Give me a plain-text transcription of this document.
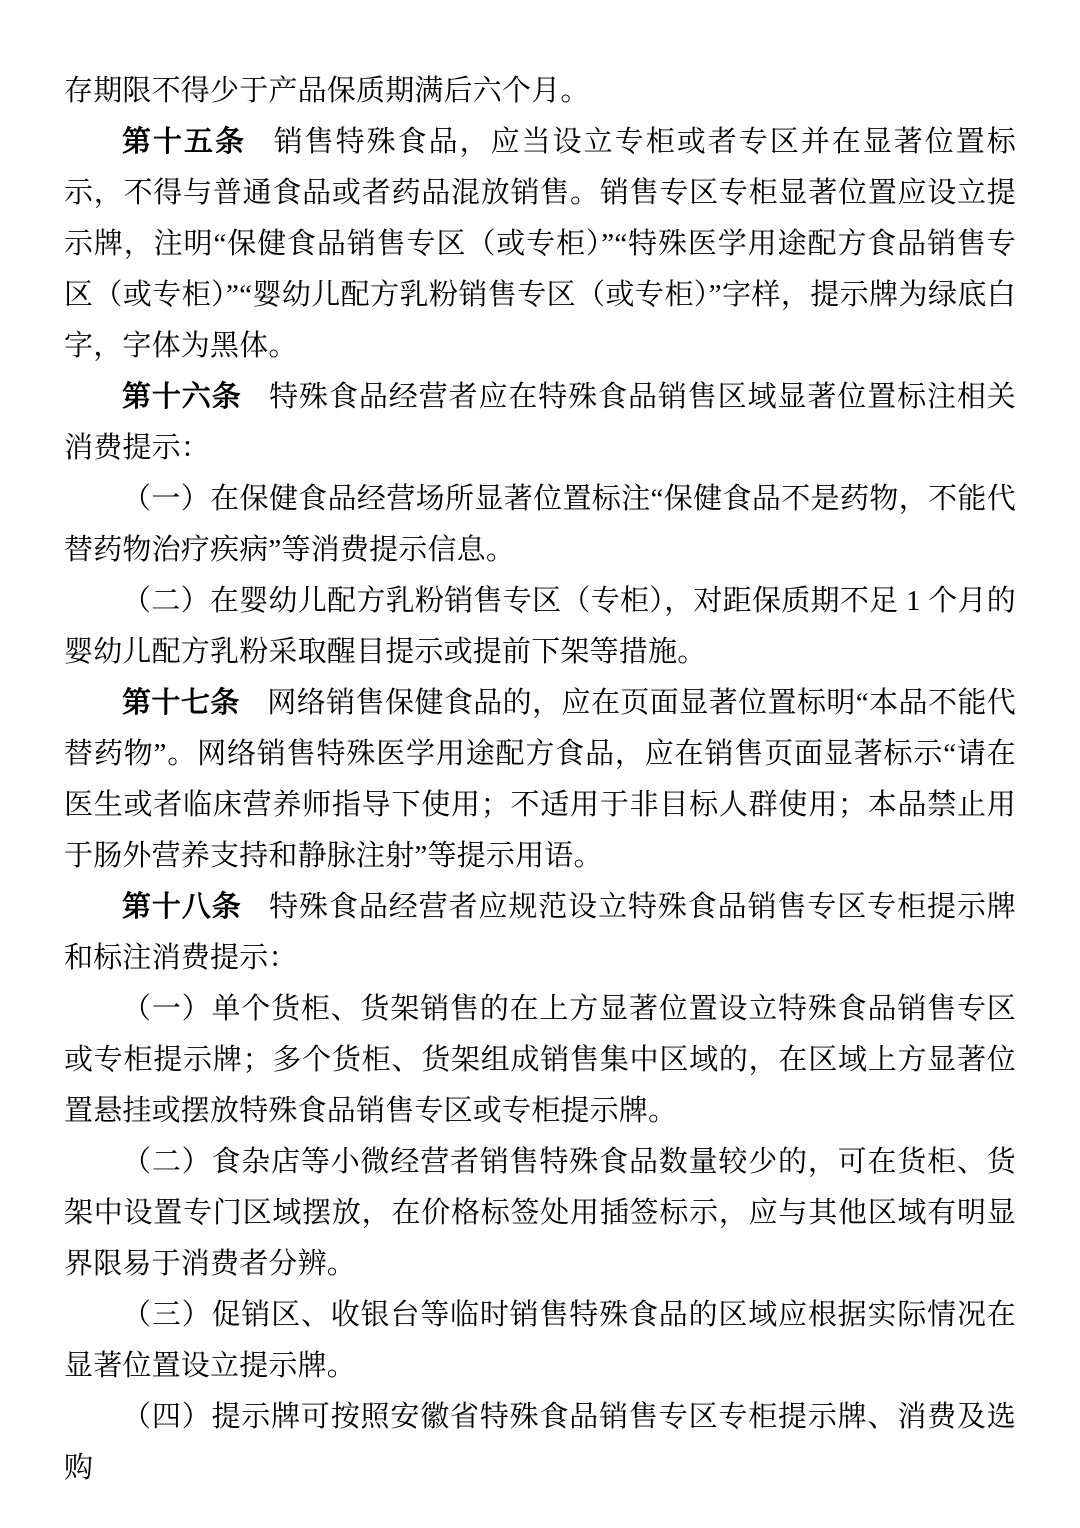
存期限不得少于产品保质期满后六个月。

第十五条 销售特殊食品，应当设立专柜或者专区并在显著位置标示，不得与普通食品或者药品混放销售。销售专区专柜显著位置应设立提示牌，注明“保健食品销售专区（或专柜）”“特殊医学用途配方食品销售专区（或专柜）”“婴幼儿配方乳粉销售专区（或专柜）”字样，提示牌为绿底白字，字体为黑体。

第十六条 特殊食品经营者应在特殊食品销售区域显著位置标注相关消费提示：

（一）在保健食品经营场所显著位置标注“保健食品不是药物，不能代替药物治疗疾病”等消费提示信息。

（二）在婴幼儿配方乳粉销售专区（专柜），对距保质期不足 1 个月的婴幼儿配方乳粉采取醒目提示或提前下架等措施。

第十七条 网络销售保健食品的，应在页面显著位置标明“本品不能代替药物”。网络销售特殊医学用途配方食品，应在销售页面显著标示“请在医生或者临床营养师指导下使用；不适用于非目标人群使用；本品禁止用于肠外营养支持和静脉注射”等提示用语。

第十八条 特殊食品经营者应规范设立特殊食品销售专区专柜提示牌和标注消费提示：

（一）单个货柜、货架销售的在上方显著位置设立特殊食品销售专区或专柜提示牌；多个货柜、货架组成销售集中区域的，在区域上方显著位置悬挂或摆放特殊食品销售专区或专柜提示牌。

（二）食杂店等小微经营者销售特殊食品数量较少的，可在货柜、货架中设置专门区域摆放，在价格标签处用插签标示，应与其他区域有明显界限易于消费者分辨。

（三）促销区、收银台等临时销售特殊食品的区域应根据实际情况在显著位置设立提示牌。

（四）提示牌可按照安徽省特殊食品销售专区专柜提示牌、消费及选购
